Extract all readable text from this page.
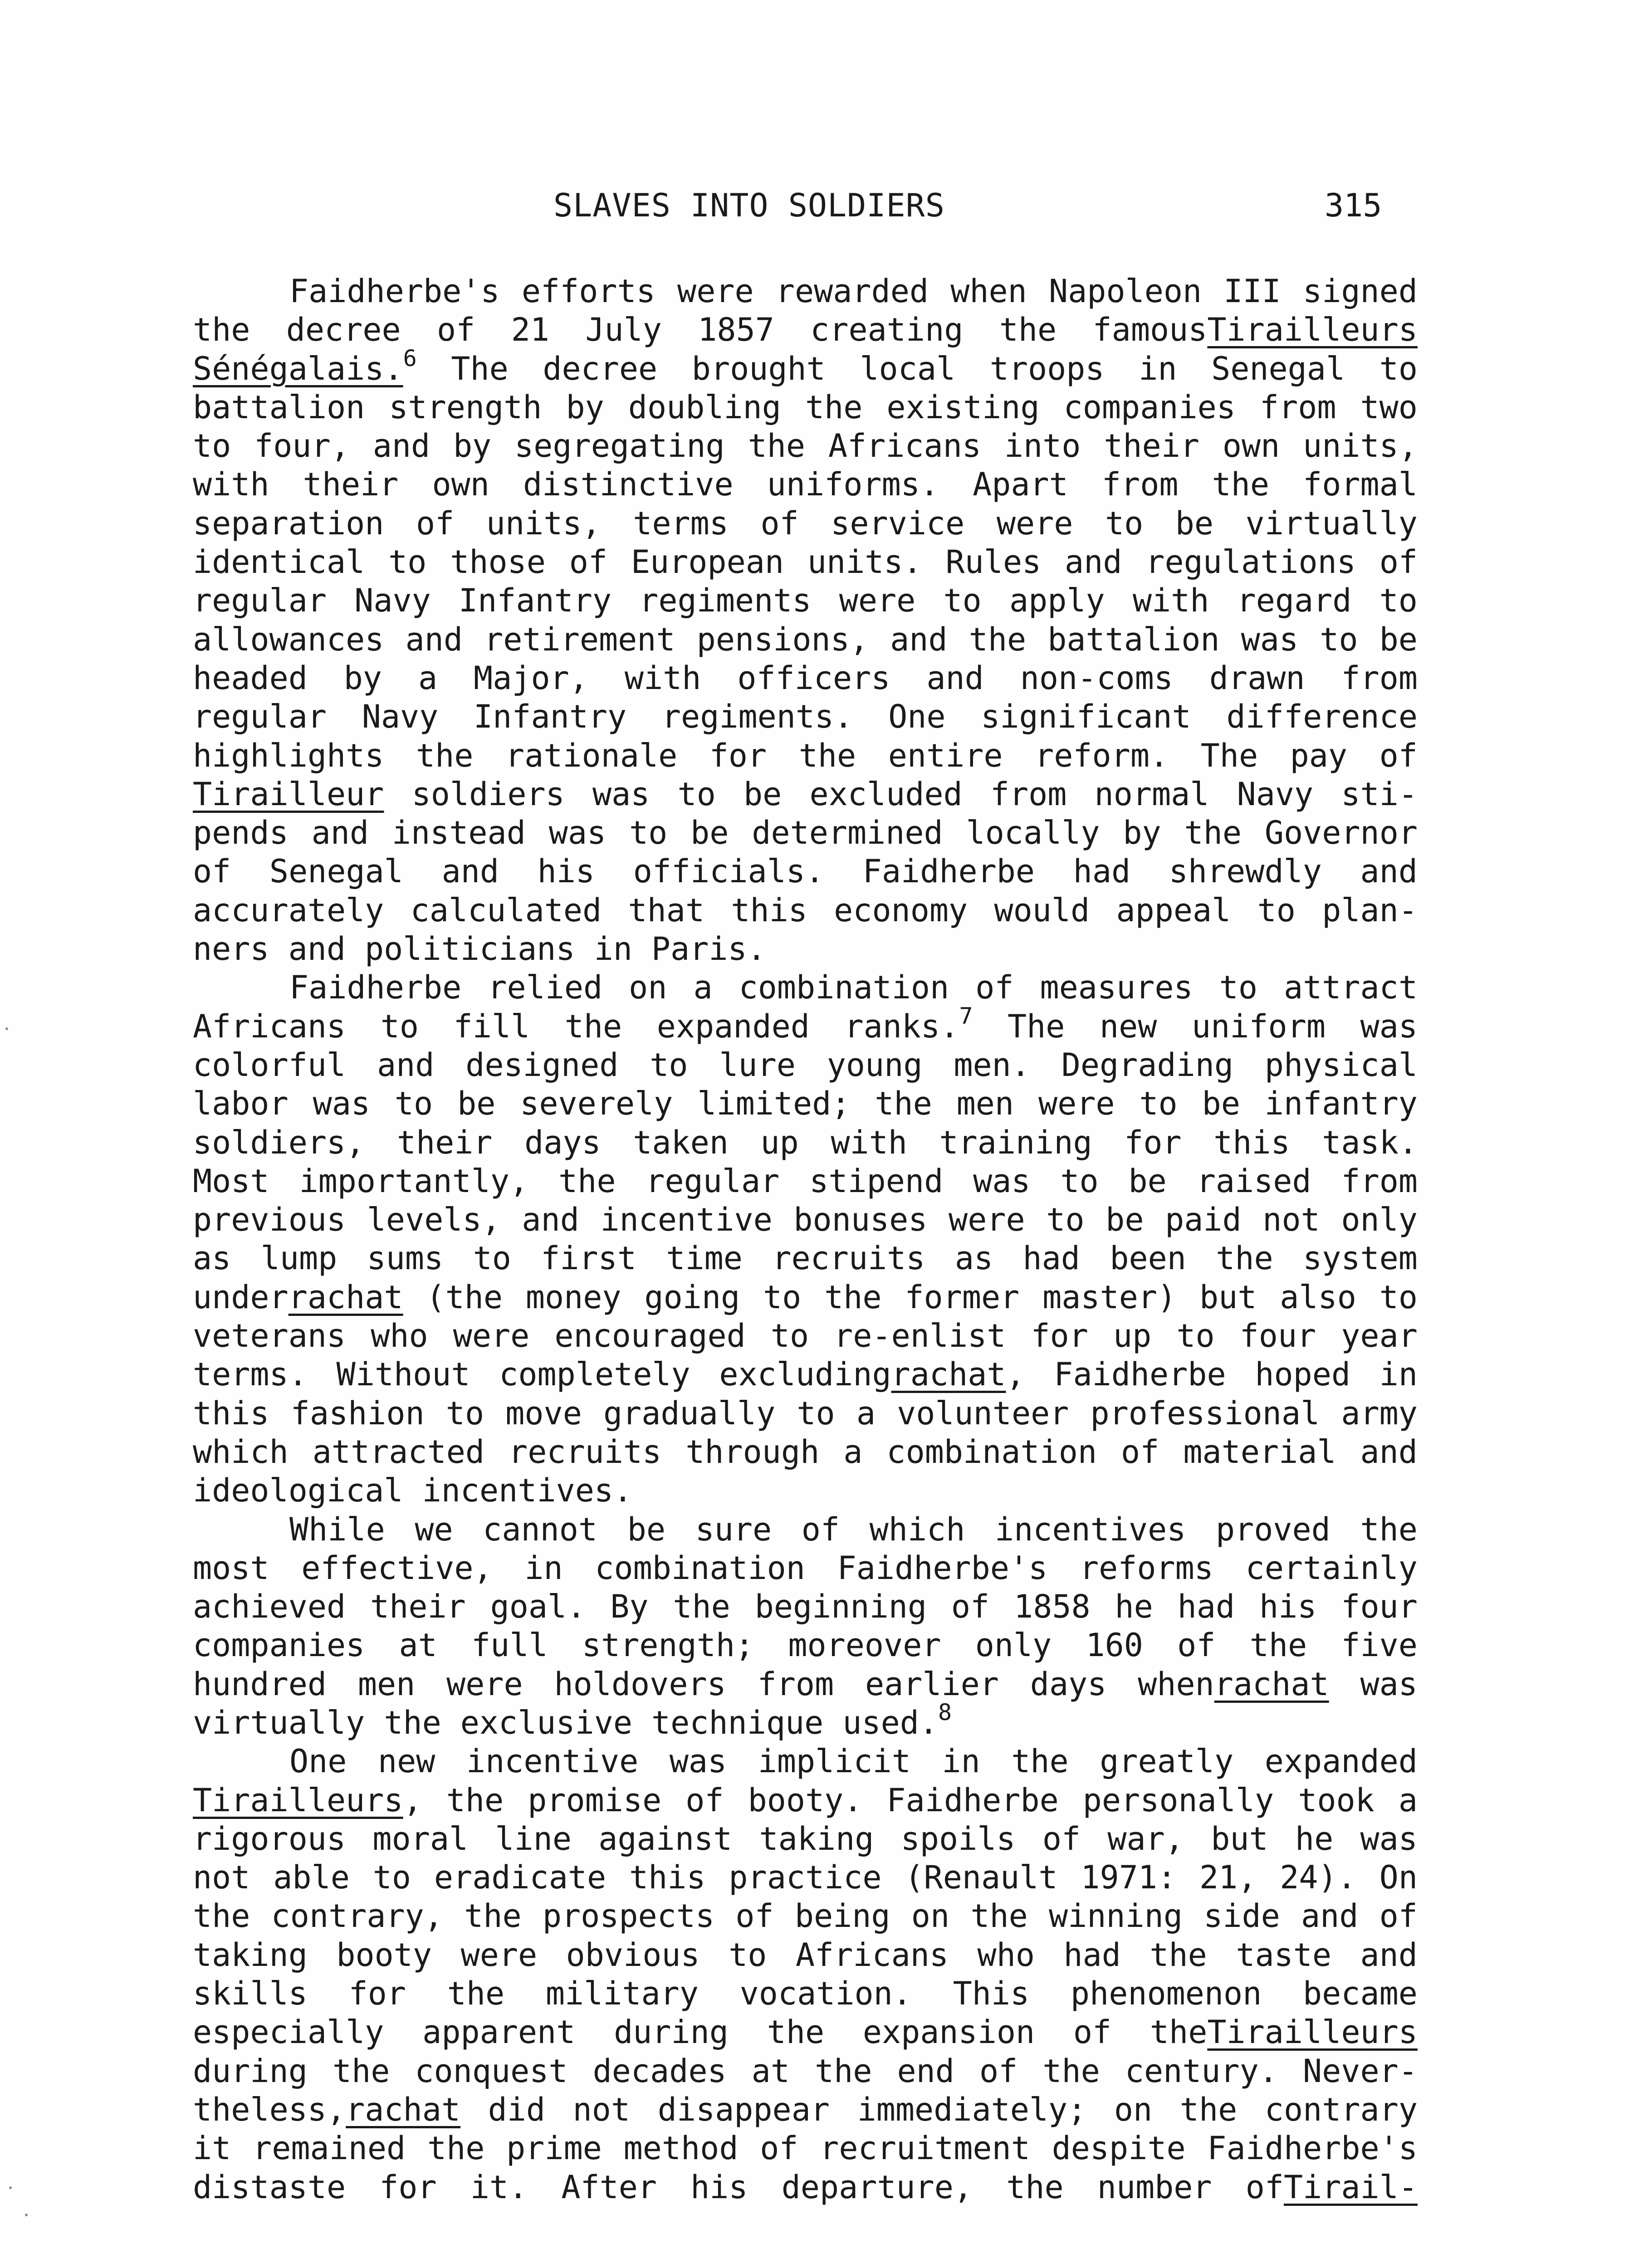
SLAVES INTO SOLDIERS	315
Faidherbe's efforts were rewarded when Napoleon III signed
the decree of 21 July 1857 creating the famousTirailleurs
Sénégalais.$^6$ The decree brought local troops in Senegal to
battalion strength by doubling the existing companies from two
to four, and by segregating the Africans into their own units,
with their own distinctive uniforms. Apart from the formal
separation of units, terms of service were to be virtually
identical to those of European units. Rules and regulations of
regular Navy Infantry regiments were to apply with regard to
allowances and retirement pensions, and the battalion was to be
headed by a Major, with officers and non-coms drawn from
regular Navy Infantry regiments. One significant difference
highlights the rationale for the entire reform. The pay of
Tirailleur soldiers was to be excluded from normal Navy sti-
pends and instead was to be determined locally by the Governor
of Senegal and his officials. Faidherbe had shrewdly and
accurately calculated that this economy would appeal to plan-
ners and politicians in Paris.
Faidherbe relied on a combination of measures to attract
Africans to fill the expanded ranks.$^7$ The new uniform was
colorful and designed to lure young men. Degrading physical
labor was to be severely limited; the men were to be infantry
soldiers, their days taken up with training for this task.
Most importantly, the regular stipend was to be raised from
previous levels, and incentive bonuses were to be paid not only
as lump sums to first time recruits as had been the system
underrachat (the money going to the former master) but also to
veterans who were encouraged to re-enlist for up to four year
terms. Without completely excludingrachat, Faidherbe hoped in
this fashion to move gradually to a volunteer professional army
which attracted recruits through a combination of material and
ideological incentives.
While we cannot be sure of which incentives proved the
most effective, in combination Faidherbe's reforms certainly
achieved their goal. By the beginning of 1858 he had his four
companies at full strength; moreover only 160 of the five
hundred men were holdovers from earlier days whenrachat was
virtually the exclusive technique used.$^8$
One new incentive was implicit in the greatly expanded
Tirailleurs, the promise of booty. Faidherbe personally took a
rigorous moral line against taking spoils of war, but he was
not able to eradicate this practice (Renault 1971: 21, 24). On
the contrary, the prospects of being on the winning side and of
taking booty were obvious to Africans who had the taste and
skills for the military vocation. This phenomenon became
especially apparent during the expansion of theTirailleurs
during the conquest decades at the end of the century. Never-
theless,rachat did not disappear immediately; on the contrary
it remained the prime method of recruitment despite Faidherbe's
distaste for it. After his departure, the number ofTirail-
